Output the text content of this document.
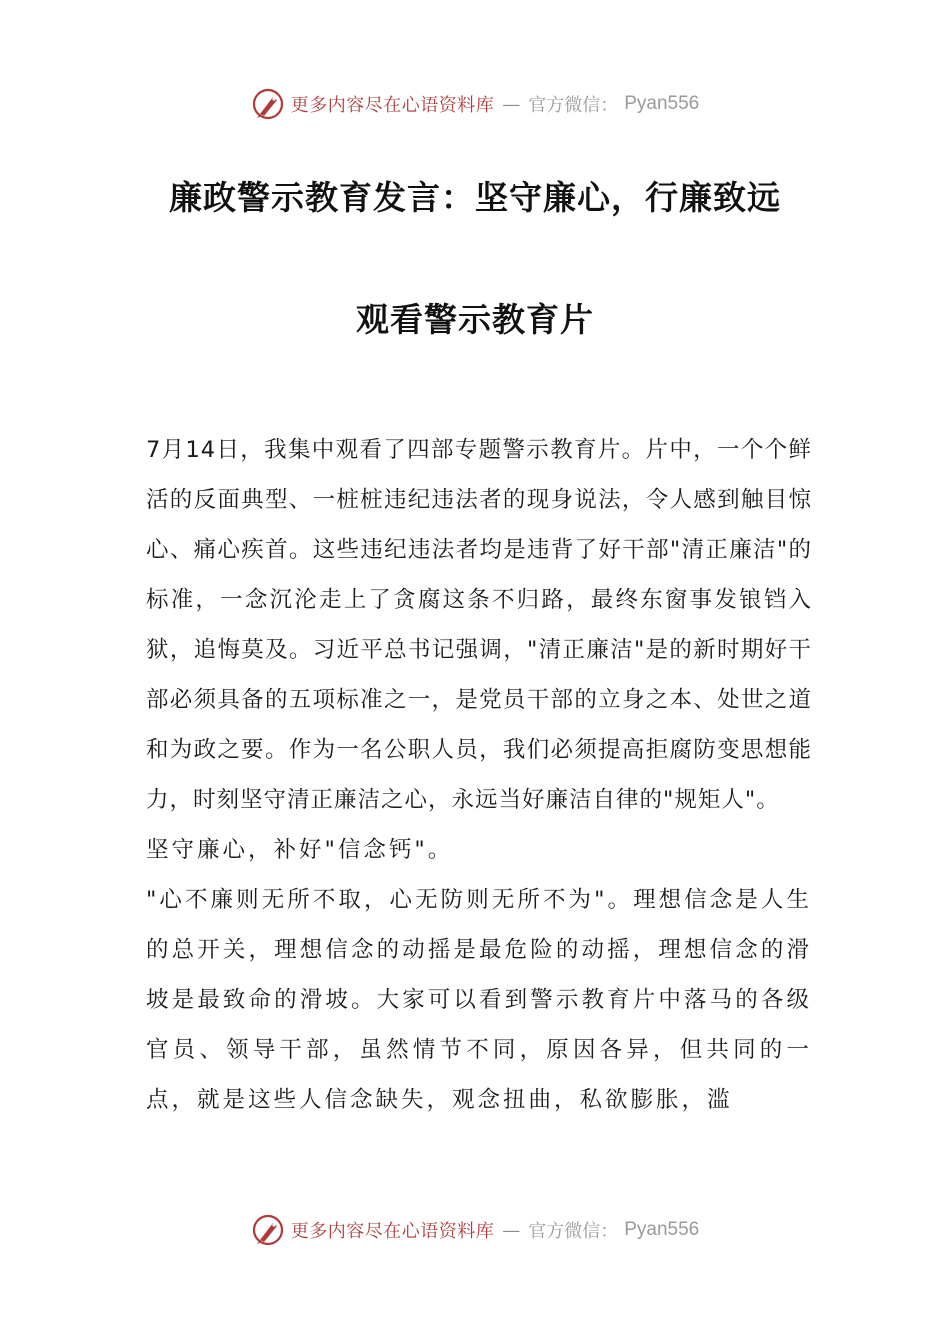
更多内容尽在心语资料库 — 官方微信： Pyan556
廉政警示教育发言：坚守廉心，行廉致远
观看警示教育片

7月14日，我集中观看了四部专题警示教育片。片中，一个个鲜活的反面典型、一桩桩违纪违法者的现身说法，令人感到触目惊心、痛心疾首。这些违纪违法者均是违背了好干部"清正廉洁"的标准，一念沉沦走上了贪腐这条不归路，最终东窗事发锒铛入狱，追悔莫及。习近平总书记强调，"清正廉洁"是的新时期好干部必须具备的五项标准之一，是党员干部的立身之本、处世之道和为政之要。作为一名公职人员，我们必须提高拒腐防变思想能力，时刻坚守清正廉洁之心，永远当好廉洁自律的"规矩人"。

坚守廉心，补好"信念钙"。

"心不廉则无所不取，心无防则无所不为"。理想信念是人生的总开关，理想信念的动摇是最危险的动摇，理想信念的滑坡是最致命的滑坡。大家可以看到警示教育片中落马的各级官员、领导干部，虽然情节不同，原因各异，但共同的一点，就是这些人信念缺失，观念扭曲，私欲膨胀，滥

更多内容尽在心语资料库 — 官方微信： Pyan556
